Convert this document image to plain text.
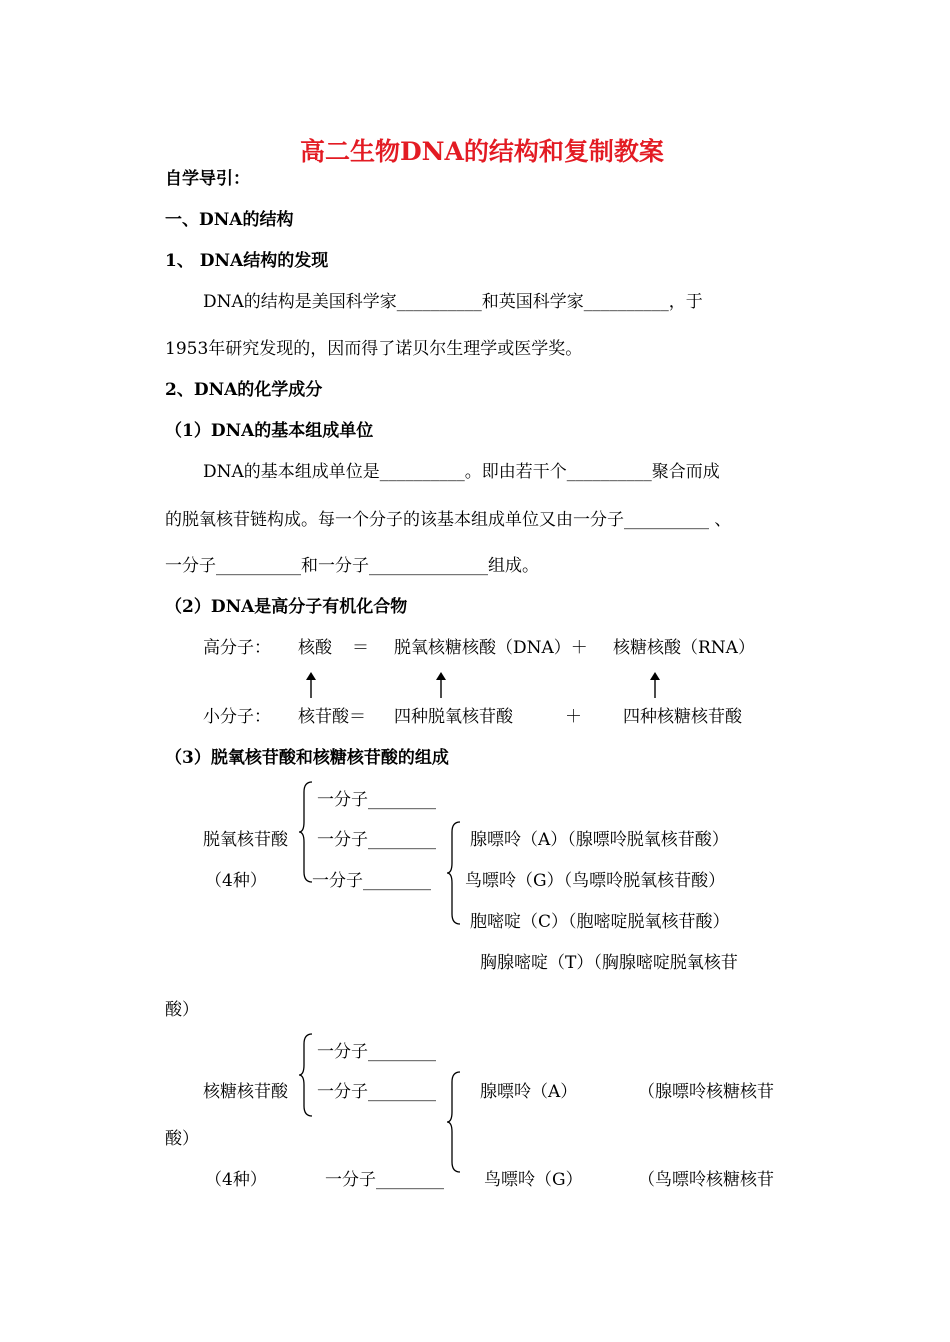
高二生物DNA的结构和复制教案
自学导引：
一、DNA的结构
1、 DNA结构的发现
DNA的结构是美国科学家__________和英国科学家__________，于
1953年研究发现的，因而得了诺贝尔生理学或医学奖。
2、DNA的化学成分
（1）DNA的基本组成单位
DNA的基本组成单位是__________。即由若干个__________聚合而成
的脱氧核苷链构成。每一个分子的该基本组成单位又由一分子__________ 、
一分子__________和一分子______________组成。
（2）DNA是高分子有机化合物
高分子： 核酸 ＝ 脱氧核糖核酸（DNA）＋ 核糖核酸（RNA）
小分子： 核苷酸＝ 四种脱氧核苷酸	＋ 四种核糖核苷酸
（3）脱氧核苷酸和核糖核苷酸的组成
一分子________
脱氧核苷酸 一分子________
（4种）	一分子________
腺嘌呤（A）（腺嘌呤脱氧核苷酸）
鸟嘌呤（G）（鸟嘌呤脱氧核苷酸）
胞嘧啶（C）（胞嘧啶脱氧核苷酸）
胸腺嘧啶（T）（胸腺嘧啶脱氧核苷
酸）
一分子________
核糖核苷酸 一分子________	腺嘌呤（A）	（腺嘌呤核糖核苷
酸）
（4种）	一分子________ 鸟嘌呤（G）	（鸟嘌呤核糖核苷
